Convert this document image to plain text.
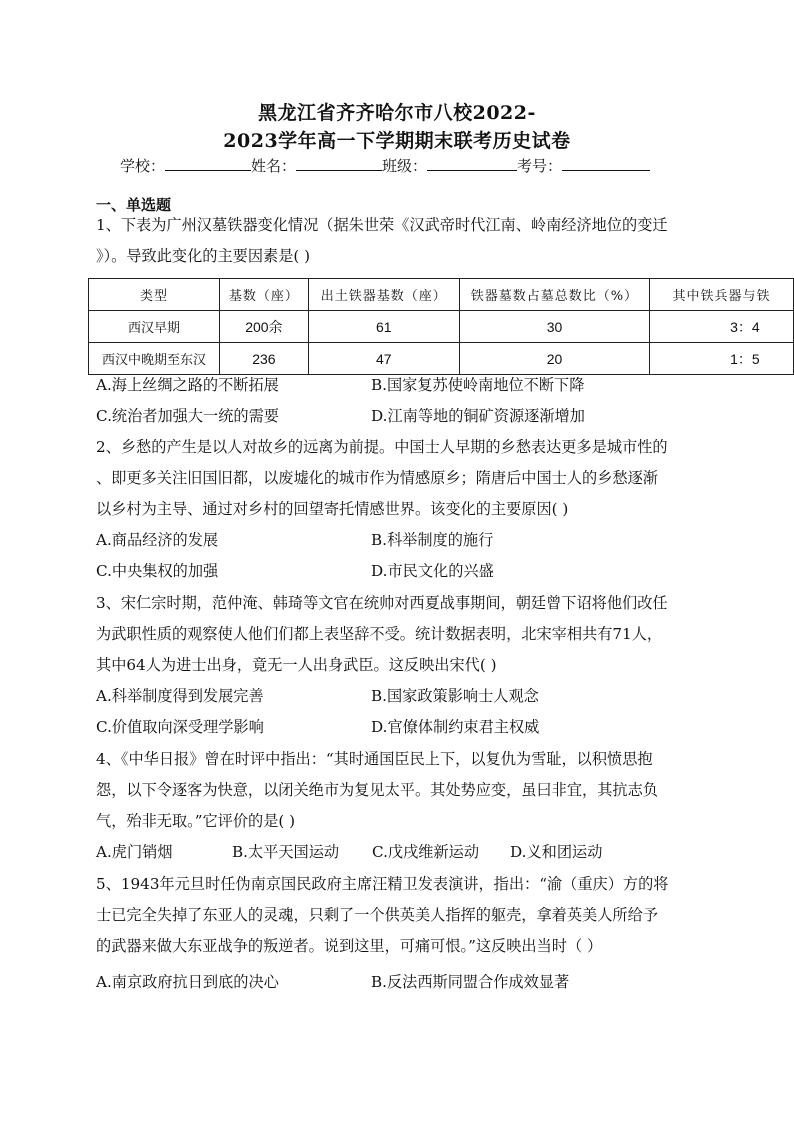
黑龙江省齐齐哈尔市八校2022-
2023学年高一下学期期末联考历史试卷
学校：	姓名：	班级：	考号：
一、单选题
1、下表为广州汉墓铁器变化情况（据朱世荣《汉武帝时代江南、岭南经济地位的变迁
》）。导致此变化的主要因素是( )
类型	基数（座）	出土铁器基数（座）	铁器墓数占墓总数比（%）	其中铁兵器与铁
西汉早期	200余	61	30	3：4
西汉中晚期至东汉	236	47	20	1：5
A.海上丝绸之路的不断拓展	B.国家复苏使岭南地位不断下降
C.统治者加强大一统的需要	D.江南等地的铜矿资源逐渐增加
2、乡愁的产生是以人对故乡的远离为前提。中国士人早期的乡愁表达更多是城市性的
、即更多关注旧国旧都，以废墟化的城市作为情感原乡；隋唐后中国士人的乡愁逐渐
以乡村为主导、通过对乡村的回望寄托情感世界。该变化的主要原因( )
A.商品经济的发展	B.科举制度的施行
C.中央集权的加强	D.市民文化的兴盛
3、宋仁宗时期，范仲淹、韩琦等文官在统帅对西夏战事期间，朝廷曾下诏将他们改任
为武职性质的观察使人他们们都上表坚辞不受。统计数据表明，北宋宰相共有71人，
其中64人为进士出身，竟无一人出身武臣。这反映出宋代( )
A.科举制度得到发展完善	B.国家政策影响士人观念
C.价值取向深受理学影响	D.官僚体制约束君主权威
4、《中华日报》曾在时评中指出：“其时通国臣民上下，以复仇为雪耻，以积愤思抱
怨，以下令逐客为快意，以闭关绝市为复见太平。其处势应变，虽曰非宜，其抗志负
气，殆非无取。”它评价的是( )
A.虎门销烟	B.太平天国运动 C.戊戌维新运动 D.义和团运动
5、1943年元旦时任伪南京国民政府主席汪精卫发表演讲，指出：“渝（重庆）方的将
士已完全失掉了东亚人的灵魂，只剩了一个供英美人指挥的躯壳，拿着英美人所给予
的武器来做大东亚战争的叛逆者。说到这里，可痛可恨。”这反映出当时（ ）
A.南京政府抗日到底的决心	B.反法西斯同盟合作成效显著
